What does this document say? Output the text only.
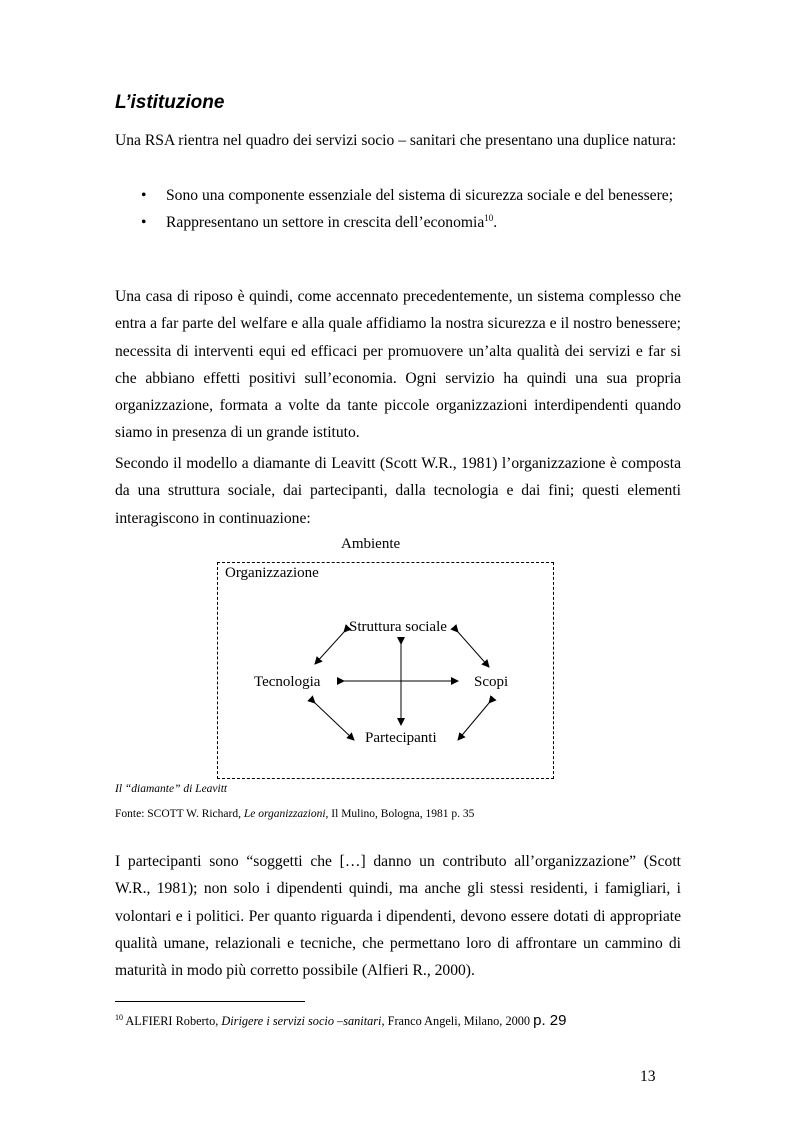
L’istituzione

Una RSA rientra nel quadro dei servizi socio – sanitari che presentano una duplice natura:

• Sono una componente essenziale del sistema di sicurezza sociale e del benessere;
• Rappresentano un settore in crescita dell’economia$^{10}$.

Una casa di riposo è quindi, come accennato precedentemente, un sistema complesso che entra a far parte del welfare e alla quale affidiamo la nostra sicurezza e il nostro benessere; necessita di interventi equi ed efficaci per promuovere un’alta qualità dei servizi e far si che abbiano effetti positivi sull’economia. Ogni servizio ha quindi una sua propria organizzazione, formata a volte da tante piccole organizzazioni interdipendenti quando siamo in presenza di un grande istituto.

Secondo il modello a diamante di Leavitt (Scott W.R., 1981) l’organizzazione è composta da una struttura sociale, dai partecipanti, dalla tecnologia e dai fini; questi elementi interagiscono in continuazione:

Ambiente
Organizzazione
Struttura sociale
Tecnologia	Scopi
Partecipanti
Il “diamante” di Leavitt
Fonte: SCOTT W. Richard, Le organizzazioni, Il Mulino, Bologna, 1981 p. 35

I partecipanti sono “soggetti che […] danno un contributo all’organizzazione” (Scott W.R., 1981); non solo i dipendenti quindi, ma anche gli stessi residenti, i famigliari, i volontari e i politici. Per quanto riguarda i dipendenti, devono essere dotati di appropriate qualità umane, relazionali e tecniche, che permettano loro di affrontare un cammino di maturità in modo più corretto possibile (Alfieri R., 2000).

$^{10}$ ALFIERI Roberto, Dirigere i servizi socio –sanitari, Franco Angeli, Milano, 2000 p. 29
13
